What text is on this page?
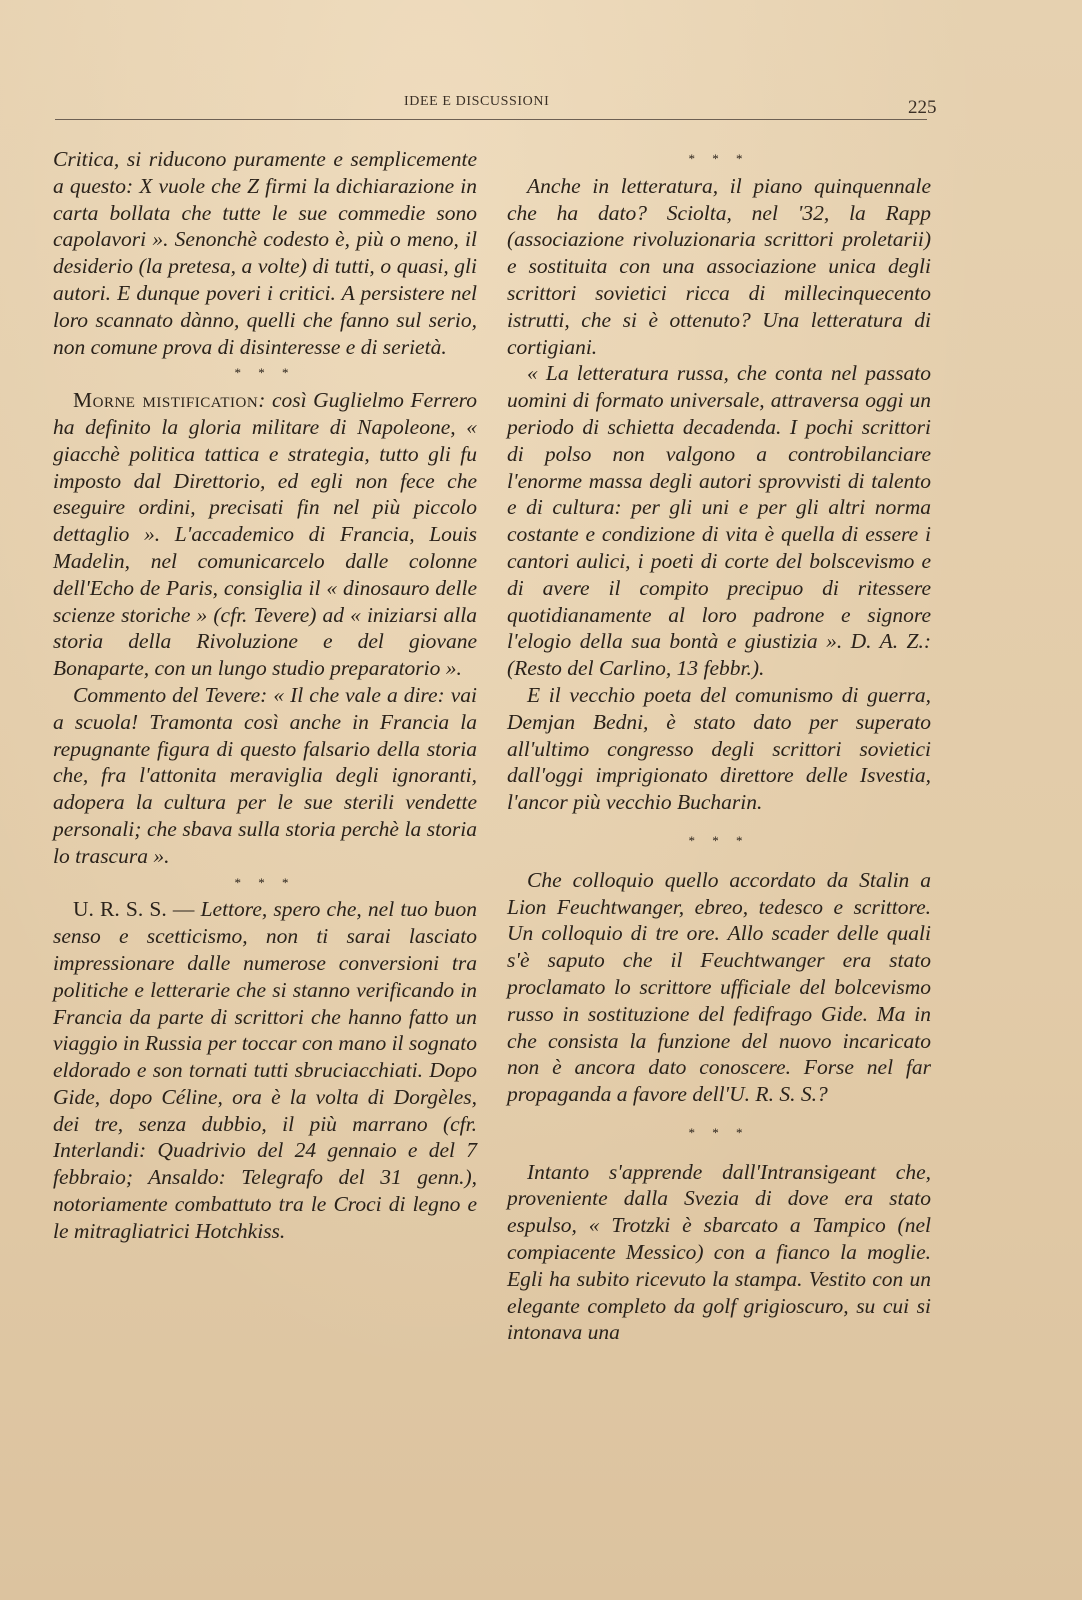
IDEE E DISCUSSIONI	225

Critica, si riducono puramente e semplicemente a questo: X vuole che Z firmi la dichiarazione in carta bollata che tutte le sue commedie sono capolavori ». Senonchè codesto è, più o meno, il desiderio (la pretesa, a volte) di tutti, o quasi, gli autori. E dunque poveri i critici. A persistere nel loro scannato dànno, quelli che fanno sul serio, non comune prova di disinteresse e di serietà.

* * *

Morne mistification: così Guglielmo Ferrero ha definito la gloria militare di Napoleone, « giacchè politica tattica e strategia, tutto gli fu imposto dal Direttorio, ed egli non fece che eseguire ordini, precisati fin nel più piccolo dettaglio ». L'accademico di Francia, Louis Madelin, nel comunicarcelo dalle colonne dell'Echo de Paris, consiglia il « dinosauro delle scienze storiche » (cfr. Tevere) ad « iniziarsi alla storia della Rivoluzione e del giovane Bonaparte, con un lungo studio preparatorio ».

Commento del Tevere: « Il che vale a dire: vai a scuola! Tramonta così anche in Francia la repugnante figura di questo falsario della storia che, fra l'attonita meraviglia degli ignoranti, adopera la cultura per le sue sterili vendette personali; che sbava sulla storia perchè la storia lo trascura ».

* * *

U. R. S. S. — Lettore, spero che, nel tuo buon senso e scetticismo, non ti sarai lasciato impressionare dalle numerose conversioni tra politiche e letterarie che si stanno verificando in Francia da parte di scrittori che hanno fatto un viaggio in Russia per toccar con mano il sognato eldorado e son tornati tutti sbruciacchiati. Dopo Gide, dopo Céline, ora è la volta di Dorgèles, dei tre, senza dubbio, il più marrano (cfr. Interlandi: Quadrivio del 24 gennaio e del 7 febbraio; Ansaldo: Telegrafo del 31 genn.), notoriamente combattuto tra le Croci di legno e le mitragliatrici Hotchkiss.

* * *

Anche in letteratura, il piano quinquennale che ha dato? Sciolta, nel '32, la Rapp (associazione rivoluzionaria scrittori proletarii) e sostituita con una associazione unica degli scrittori sovietici ricca di millecinquecento istrutti, che si è ottenuto? Una letteratura di cortigiani.

« La letteratura russa, che conta nel passato uomini di formato universale, attraversa oggi un periodo di schietta decadenda. I pochi scrittori di polso non valgono a controbilanciare l'enorme massa degli autori sprovvisti di talento e di cultura: per gli uni e per gli altri norma costante e condizione di vita è quella di essere i cantori aulici, i poeti di corte del bolscevismo e di avere il compito precipuo di ritessere quotidianamente al loro padrone e signore l'elogio della sua bontà e giustizia ». D. A. Z.: (Resto del Carlino, 13 febbr.).

E il vecchio poeta del comunismo di guerra, Demjan Bedni, è stato dato per superato all'ultimo congresso degli scrittori sovietici dall'oggi imprigionato direttore delle Isvestia, l'ancor più vecchio Bucharin.

* * *

Che colloquio quello accordato da Stalin a Lion Feuchtwanger, ebreo, tedesco e scrittore. Un colloquio di tre ore. Allo scader delle quali s'è saputo che il Feuchtwanger era stato proclamato lo scrittore ufficiale del bolcevismo russo in sostituzione del fedifrago Gide. Ma in che consista la funzione del nuovo incaricato non è ancora dato conoscere. Forse nel far propaganda a favore dell'U. R. S. S.?

* * *

Intanto s'apprende dall'Intransigeant che, proveniente dalla Svezia di dove era stato espulso, « Trotzki è sbarcato a Tampico (nel compiacente Messico) con a fianco la moglie. Egli ha subito ricevuto la stampa. Vestito con un elegante completo da golf grigioscuro, su cui si intonava una
